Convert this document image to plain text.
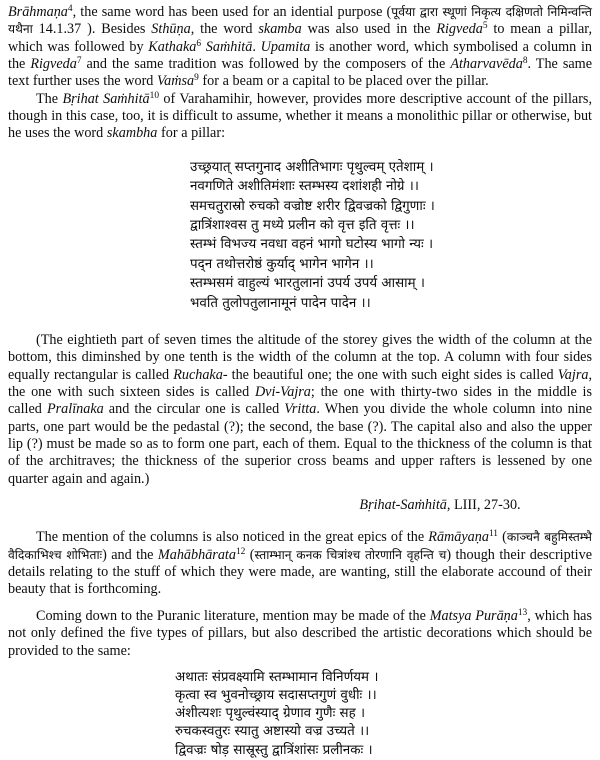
Brāhmaṇa$^4$, the same word has been used for an idential purpose (पूर्वया द्वारा स्थूणां निकृत्य दक्षिणतो निमिन्वन्ति यथैना 14.1.37 ). Besides Sthūṇa, the word skamba was also used in the Rigveda$^5$ to mean a pillar, which was followed by Kathaka$^6$ Saṁhitā. Upamita is another word, which symbolised a column in the Rigveda$^7$ and the same tradition was followed by the composers of the Atharvavēda$^8$. The same text further uses the word Vaṁsa$^9$ for a beam or a capital to be placed over the pillar.

The Bṛihat Saṁhitā$^{10}$ of Varahamihir, however, provides more descriptive account of the pillars, though in this case, too, it is difficult to assume, whether it means a monolithic pillar or otherwise, but he uses the word skambha for a pillar:

उच्छ्रयात् सप्तगुनाद अशीतिभागः पृथुल्वम् एतेशाम् ।
नवगणिते अशीतिमंशाः स्तम्भस्य दशांशही नोग्रे ।।
समचतुरास्रो रुचको वज्रोष्ट शरीर द्विवज्रको द्विगुणाः ।
द्वात्रिंशाश्वस तु मध्ये प्रलीन को वृत्त इति वृत्तः ।।
स्तम्भं विभज्य नवधा वहनं भागो घटोस्य भागो न्यः ।
पद्न तथोत्तरोष्ठं कुर्याद् भागेन भागेन ।।
स्तम्भसमं वाहुल्यं भारतुलानां उपर्य उपर्य आसाम् ।
भवति तुलोपतुलानामूनं पादेन पादेन ।।

(The eightieth part of seven times the altitude of the storey gives the width of the column at the bottom, this diminshed by one tenth is the width of the column at the top. A column with four sides equally rectangular is called Ruchaka- the beautiful one; the one with such eight sides is called Vajra, the one with such sixteen sides is called Dvi-Vajra; the one with thirty-two sides in the middle is called Pralīnaka and the circular one is called Vritta. When you divide the whole column into nine parts, one part would be the pedastal (?); the second, the base (?). The capital also and also the upper lip (?) must be made so as to form one part, each of them. Equal to the thickness of the column is that of the architraves; the thickness of the superior cross beams and upper rafters is lessened by one quarter again and again.)

Bṛihat-Saṁhitā, LIII, 27-30.

The mention of the columns is also noticed in the great epics of the Rāmāyaṇa$^{11}$ (काञ्चनै बहुमिस्तम्भै वैदिकाभिश्च शोभिताः) and the Mahābhārata$^{12}$ (स्ताम्भान् कनक चित्रांश्च तोरणानि वृहन्ति च) though their descriptive details relating to the stuff of which they were made, are wanting, still the elaborate accound of their beauty that is forthcoming.

Coming down to the Puranic literature, mention may be made of the Matsya Purāṇa$^{13}$, which has not only defined the five types of pillars, but also described the artistic decorations which should be provided to the same:

अथातः संप्रवक्ष्यामि स्तम्भामान विनिर्णयम ।
कृत्वा स्व भुवनोच्छ्राय सदासप्तगुणं वुधीः ।।
अंशीत्यशः पृथुल्वंस्याद् ग्रेणाव गुणैः सह ।
रुचकस्वतुरः स्यातु अष्टास्यो वज्र उच्यते ।।
द्विवज्रः षोड़ सास्रूस्तु द्वात्रिंशांसः प्रलीनकः ।
